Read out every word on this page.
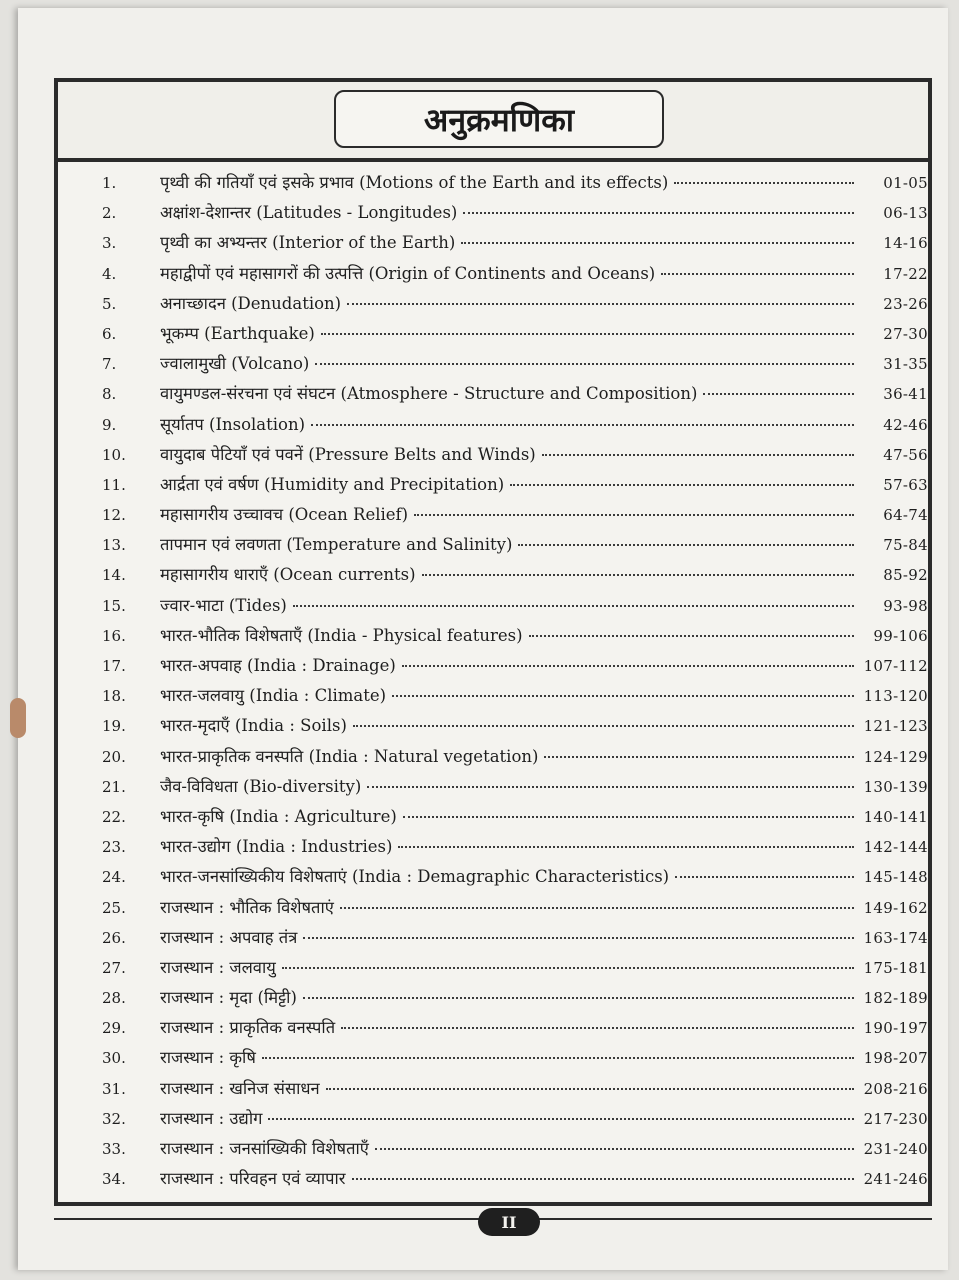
अनुक्रमणिका
1.	पृथ्वी की गतियाँ एवं इसके प्रभाव (Motions of the Earth and its effects)	01-05
2.	अक्षांश-देशान्तर (Latitudes - Longitudes)	06-13
3.	पृथ्वी का अभ्यन्तर (Interior of the Earth)	14-16
4.	महाद्वीपों एवं महासागरों की उत्पत्ति (Origin of Continents and Oceans)	17-22
5.	अनाच्छादन (Denudation)	23-26
6.	भूकम्प (Earthquake)	27-30
7.	ज्वालामुखी (Volcano)	31-35
8.	वायुमण्डल-संरचना एवं संघटन (Atmosphere - Structure and Composition)	36-41
9.	सूर्यातप (Insolation)	42-46
10.	वायुदाब पेटियाँ एवं पवनें (Pressure Belts and Winds)	47-56
11.	आर्द्रता एवं वर्षण (Humidity and Precipitation)	57-63
12.	महासागरीय उच्चावच (Ocean Relief)	64-74
13.	तापमान एवं लवणता (Temperature and Salinity)	75-84
14.	महासागरीय धाराएँ (Ocean currents)	85-92
15.	ज्वार-भाटा (Tides)	93-98
16.	भारत-भौतिक विशेषताएँ (India - Physical features)	99-106
17.	भारत-अपवाह (India : Drainage)	107-112
18.	भारत-जलवायु (India : Climate)	113-120
19.	भारत-मृदाएँ (India : Soils)	121-123
20.	भारत-प्राकृतिक वनस्पति (India : Natural vegetation)	124-129
21.	जैव-विविधता (Bio-diversity)	130-139
22.	भारत-कृषि (India : Agriculture)	140-141
23.	भारत-उद्योग (India : Industries)	142-144
24.	भारत-जनसांख्यिकीय विशेषताएं (India : Demagraphic Characteristics)	145-148
25.	राजस्थान : भौतिक विशेषताएं	149-162
26.	राजस्थान : अपवाह तंत्र	163-174
27.	राजस्थान : जलवायु	175-181
28.	राजस्थान : मृदा (मिट्टी)	182-189
29.	राजस्थान : प्राकृतिक वनस्पति	190-197
30.	राजस्थान : कृषि	198-207
31.	राजस्थान : खनिज संसाधन	208-216
32.	राजस्थान : उद्योग	217-230
33.	राजस्थान : जनसांख्यिकी विशेषताएँ	231-240
34.	राजस्थान : परिवहन एवं व्यापार	241-246
II
